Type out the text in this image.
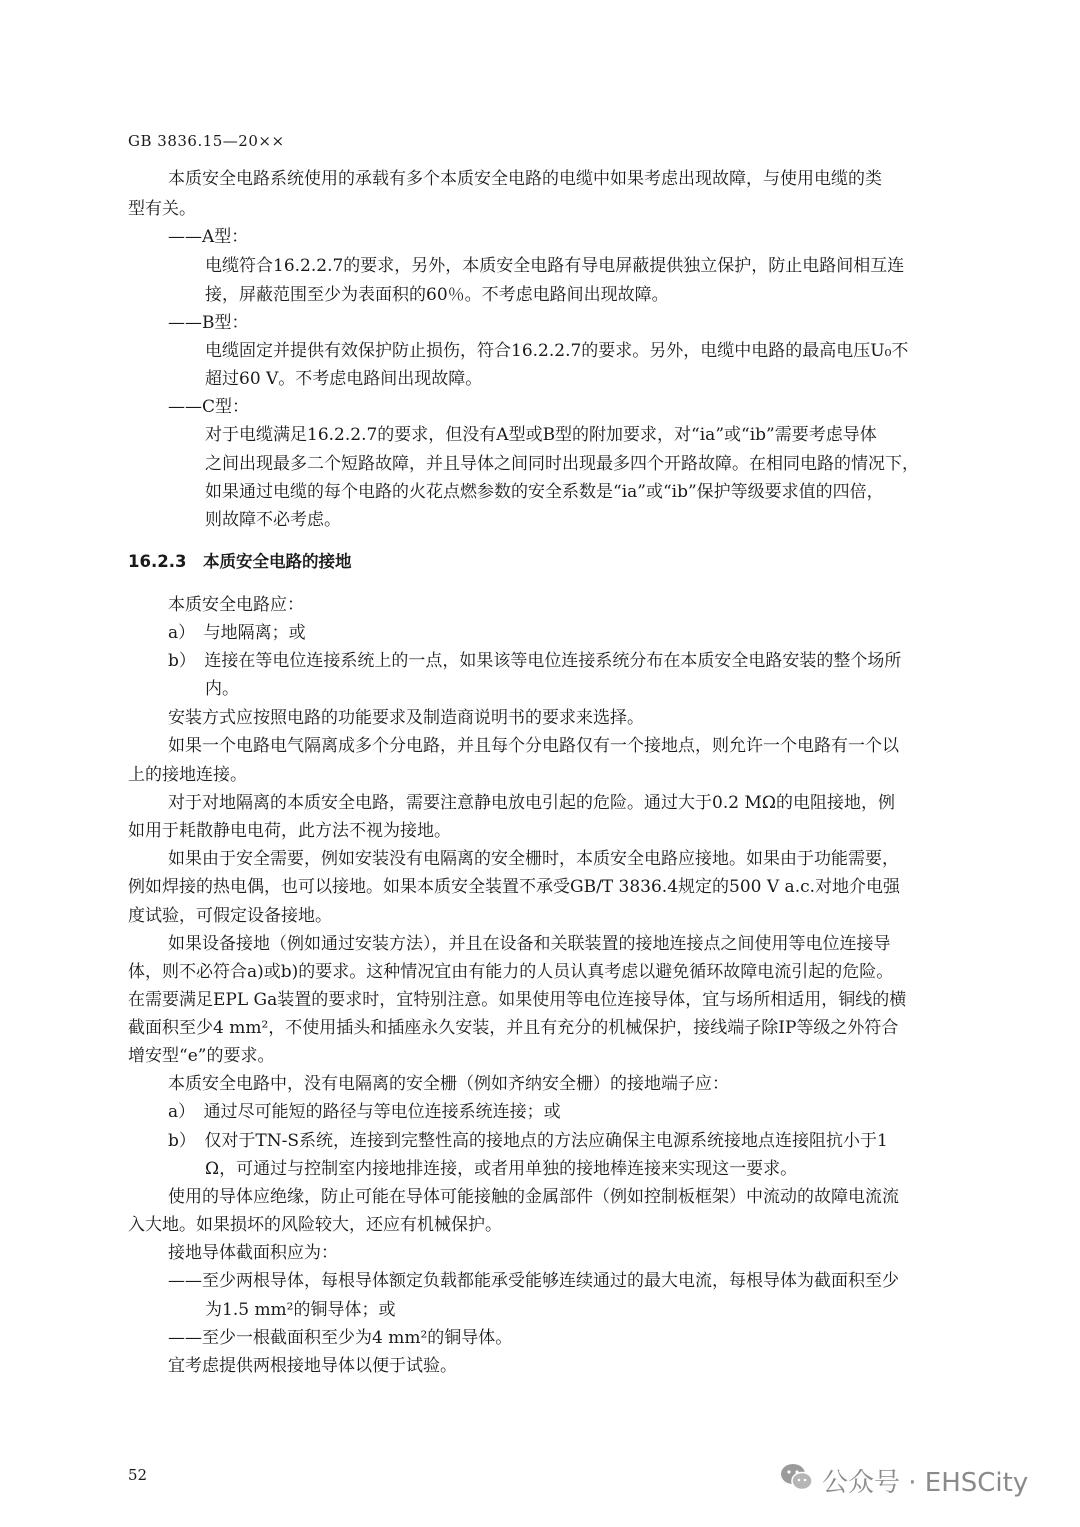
GB 3836.15—20××
本质安全电路系统使用的承载有多个本质安全电路的电缆中如果考虑出现故障，与使用电缆的类
型有关。
——A型：
电缆符合16.2.2.7的要求，另外，本质安全电路有导电屏蔽提供独立保护，防止电路间相互连
接，屏蔽范围至少为表面积的60％。不考虑电路间出现故障。
——B型：
电缆固定并提供有效保护防止损伤，符合16.2.2.7的要求。另外，电缆中电路的最高电压U₀不
超过60 V。不考虑电路间出现故障。
——C型：
对于电缆满足16.2.2.7的要求，但没有A型或B型的附加要求，对“ia”或“ib”需要考虑导体
之间出现最多二个短路故障，并且导体之间同时出现最多四个开路故障。在相同电路的情况下，
如果通过电缆的每个电路的火花点燃参数的安全系数是“ia”或“ib”保护等级要求值的四倍，
则故障不必考虑。
16.2.3　本质安全电路的接地
本质安全电路应：
a）　与地隔离；或
b）　连接在等电位连接系统上的一点，如果该等电位连接系统分布在本质安全电路安装的整个场所
内。
安装方式应按照电路的功能要求及制造商说明书的要求来选择。
如果一个电路电气隔离成多个分电路，并且每个分电路仅有一个接地点，则允许一个电路有一个以
上的接地连接。
对于对地隔离的本质安全电路，需要注意静电放电引起的危险。通过大于0.2 MΩ的电阻接地，例
如用于耗散静电电荷，此方法不视为接地。
如果由于安全需要，例如安装没有电隔离的安全栅时，本质安全电路应接地。如果由于功能需要，
例如焊接的热电偶，也可以接地。如果本质安全装置不承受GB/T 3836.4规定的500 V a.c.对地介电强
度试验，可假定设备接地。
如果设备接地（例如通过安装方法），并且在设备和关联装置的接地连接点之间使用等电位连接导
体，则不必符合a)或b)的要求。这种情况宜由有能力的人员认真考虑以避免循环故障电流引起的危险。
在需要满足EPL Ga装置的要求时，宜特别注意。如果使用等电位连接导体，宜与场所相适用，铜线的横
截面积至少4 mm²，不使用插头和插座永久安装，并且有充分的机械保护，接线端子除IP等级之外符合
增安型“e”的要求。
本质安全电路中，没有电隔离的安全栅（例如齐纳安全栅）的接地端子应：
a）　通过尽可能短的路径与等电位连接系统连接；或
b）　仅对于TN-S系统，连接到完整性高的接地点的方法应确保主电源系统接地点连接阻抗小于1
Ω，可通过与控制室内接地排连接，或者用单独的接地棒连接来实现这一要求。
使用的导体应绝缘，防止可能在导体可能接触的金属部件（例如控制板框架）中流动的故障电流流
入大地。如果损坏的风险较大，还应有机械保护。
接地导体截面积应为：
——至少两根导体，每根导体额定负载都能承受能够连续通过的最大电流，每根导体为截面积至少
为1.5 mm²的铜导体；或
——至少一根截面积至少为4 mm²的铜导体。
宜考虑提供两根接地导体以便于试验。
52	公众号 · EHSCity
